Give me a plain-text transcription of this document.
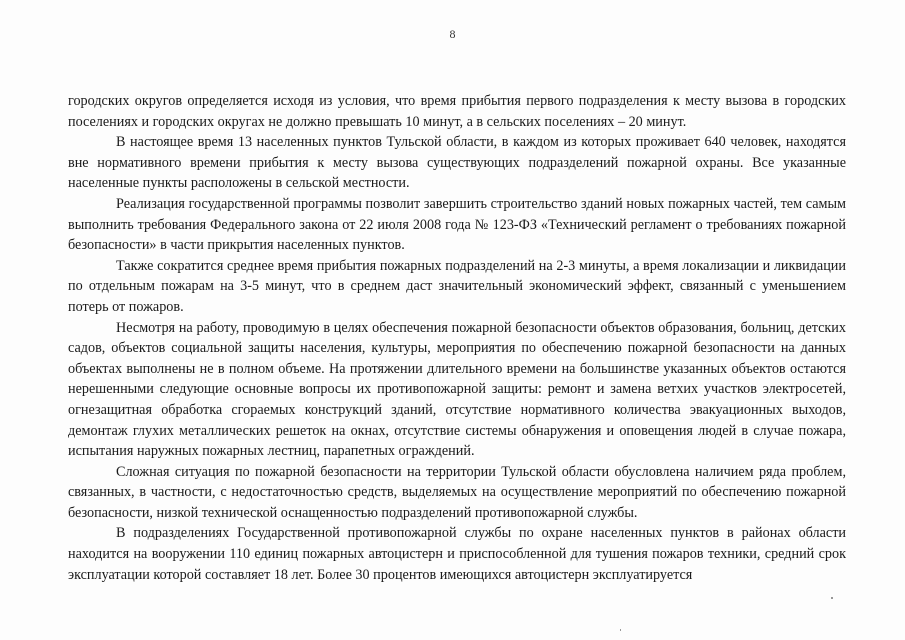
8

городских округов определяется исходя из условия, что время прибытия первого подразделения к месту вызова в городских поселениях и городских округах не должно превышать 10 минут, а в сельских поселениях – 20 минут.

В настоящее время 13 населенных пунктов Тульской области, в каждом из которых проживает 640 человек, находятся вне нормативного времени прибытия к месту вызова существующих подразделений пожарной охраны. Все указанные населенные пункты расположены в сельской местности.

Реализация государственной программы позволит завершить строительство зданий новых пожарных частей, тем самым выполнить требования Федерального закона от 22 июля 2008 года № 123-ФЗ «Технический регламент о требованиях пожарной безопасности» в части прикрытия населенных пунктов.

Также сократится среднее время прибытия пожарных подразделений на 2-3 минуты, а время локализации и ликвидации по отдельным пожарам на 3-5 минут, что в среднем даст значительный экономический эффект, связанный с уменьшением потерь от пожаров.

Несмотря на работу, проводимую в целях обеспечения пожарной безопасности объектов образования, больниц, детских садов, объектов социальной защиты населения, культуры, мероприятия по обеспечению пожарной безопасности на данных объектах выполнены не в полном объеме. На протяжении длительного времени на большинстве указанных объектов остаются нерешенными следующие основные вопросы их противопожарной защиты: ремонт и замена ветхих участков электросетей, огнезащитная обработка сгораемых конструкций зданий, отсутствие нормативного количества эвакуационных выходов, демонтаж глухих металлических решеток на окнах, отсутствие системы обнаружения и оповещения людей в случае пожара, испытания наружных пожарных лестниц, парапетных ограждений.

Сложная ситуация по пожарной безопасности на территории Тульской области обусловлена наличием ряда проблем, связанных, в частности, с недостаточностью средств, выделяемых на осуществление мероприятий по обеспечению пожарной безопасности, низкой технической оснащенностью подразделений противопожарной службы.

В подразделениях Государственной противопожарной службы по охране населенных пунктов в районах области находится на вооружении 110 единиц пожарных автоцистерн и приспособленной для тушения пожаров техники, средний срок эксплуатации которой составляет 18 лет. Более 30 процентов имеющихся автоцистерн эксплуатируется
